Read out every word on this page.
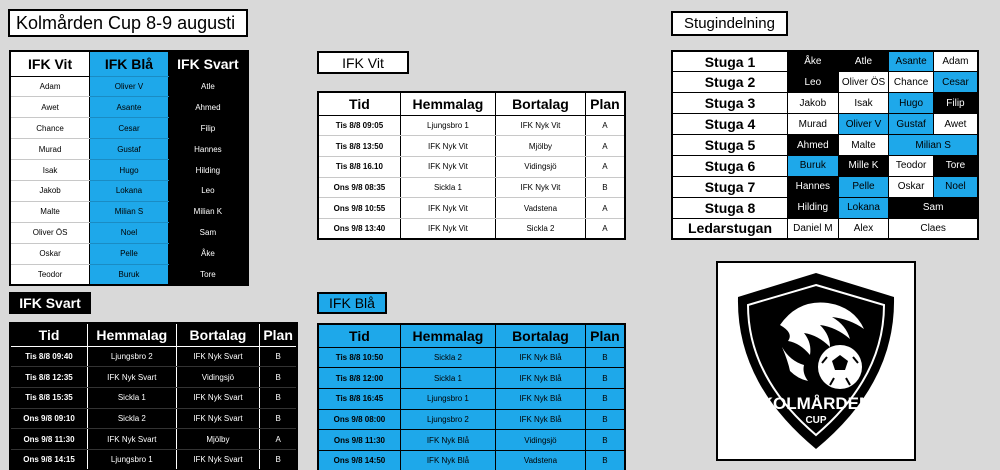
Kolmården Cup 8-9 augusti	Stugindelning
IFK Vit
IFK Svart	IFK Blå
IFK Vit	IFK Blå	IFK Svart
Adam	Oliver V	Atle
Awet	Asante	Ahmed
Chance	Cesar	Filip
Murad	Gustaf	Hannes
Isak	Hugo	Hilding
Jakob	Lokana	Leo
Malte	Milian S	Milian K
Oliver ÖS	Noel	Sam
Oskar	Pelle	Åke
Teodor	Buruk	Tore
Tid	Hemmalag	Bortalag	Plan
Tis 8/8 09:05	Ljungsbro 1	IFK Nyk Vit	A
Tis 8/8 13:50	IFK Nyk Vit	Mjölby	A
Tis 8/8 16.10	IFK Nyk Vit	Vidingsjö	A
Ons 9/8 08:35	Sickla 1	IFK Nyk Vit	B
Ons 9/8 10:55	IFK Nyk Vit	Vadstena	A
Ons 9/8 13:40	IFK Nyk Vit	Sickla 2	A
Tid	Hemmalag	Bortalag	Plan
Tis 8/8 09:40	Ljungsbro 2	IFK Nyk Svart	B
Tis 8/8 12:35	IFK Nyk Svart	Vidingsjö	B
Tis 8/8 15:35	Sickla 1	IFK Nyk Svart	B
Ons 9/8 09:10	Sickla 2	IFK Nyk Svart	B
Ons 9/8 11:30	IFK Nyk Svart	Mjölby	A
Ons 9/8 14:15	Ljungsbro 1	IFK Nyk Svart	B
Tid	Hemmalag	Bortalag	Plan
Tis 8/8 10:50	Sickla 2	IFK Nyk Blå	B
Tis 8/8 12:00	Sickla 1	IFK Nyk Blå	B
Tis 8/8 16:45	Ljungsbro 1	IFK Nyk Blå	B
Ons 9/8 08:00	Ljungsbro 2	IFK Nyk Blå	B
Ons 9/8 11:30	IFK Nyk Blå	Vidingsjö	B
Ons 9/8 14:50	IFK Nyk Blå	Vadstena	B
Stuga 1	Åke	Atle	Asante	Adam
Stuga 2	Leo	Oliver ÖS	Chance	Cesar
Stuga 3	Jakob	Isak	Hugo	Filip
Stuga 4	Murad	Oliver V	Gustaf	Awet
Stuga 5	Ahmed	Malte	Milian S	
Stuga 6	Buruk	Mille K	Teodor	Tore
Stuga 7	Hannes	Pelle	Oskar	Noel
Stuga 8	Hilding	Lokana	Sam	
Ledarstugan	Daniel M	Alex	Claes	
KOLMÅRDEN
CUP
